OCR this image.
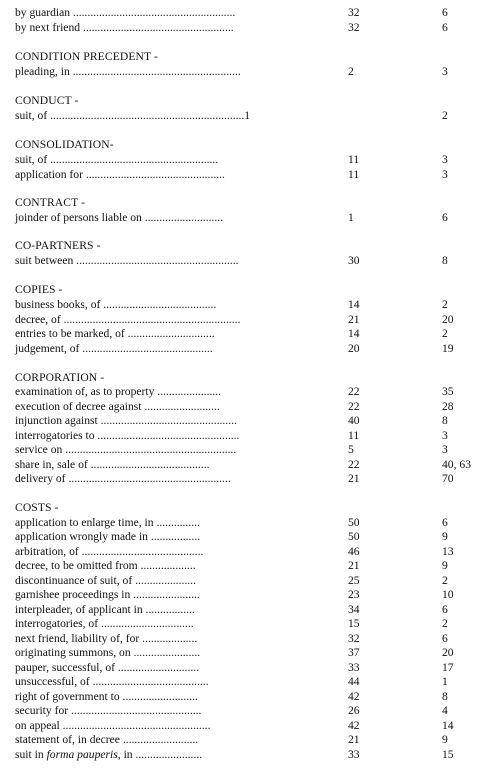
by guardian ........................................................	32	6
by next friend ....................................................	32	6
CONDITION PRECEDENT -
pleading, in ..........................................................	2	3
CONDUCT -
suit, of ...................................................................1	2
CONSOLIDATION-
suit, of ..........................................................	11	3
application for ................................................	11	3
CONTRACT -
joinder of persons liable on ...........................	1	6
CO-PARTNERS -
suit between ........................................................	30	8
COPIES -
business books, of .......................................	14	2
decree, of .............................................................	21	20
entries to be marked, of ..............................	14	2
judgement, of .............................................	20	19
CORPORATION -
examination of, as to property ......................	22	35
execution of decree against ..........................	22	28
injunction against ...............................................	40	8
interrogatories to .................................................	11	3
service on ...........................................................	5	3
share in, sale of .........................................	22	40, 63
delivery of ........................................................	21	70
COSTS -
application to enlarge time, in ...............	50	6
application wrongly made in .................	50	9
arbitration, of ..........................................	46	13
decree, to be omitted from ...................	21	9
discontinuance of suit, of .....................	25	2
garnishee proceedings in .......................	23	10
interpleader, of applicant in .................	34	6
interrogatories, of ................................	15	2
next friend, liability of, for ...................	32	6
originating summons, on .......................	37	20
pauper, successful, of ............................	33	17
unsuccessful, of ........................................	44	1
right of government to ..........................	42	8
security for .............................................	26	4
on appeal ...................................................	42	14
statement of, in decree ..........................	21	9
suit in forma pauperis, in .......................	33	15
